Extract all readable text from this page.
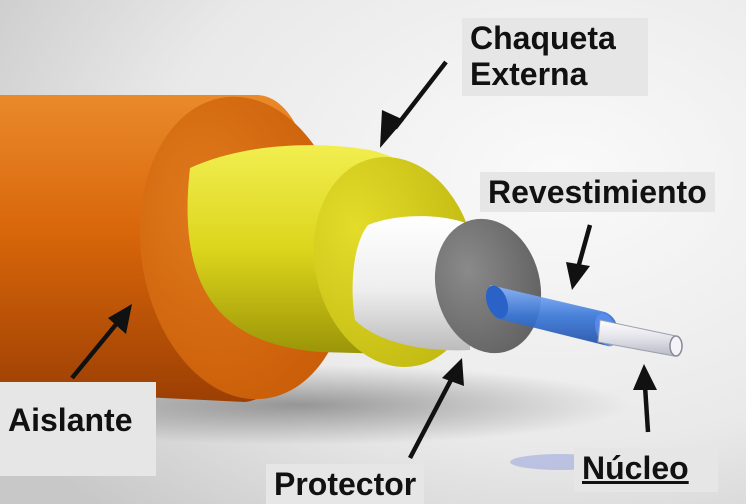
Chaqueta
Externa
Revestimiento
Aislante
Protector	Núcleo
